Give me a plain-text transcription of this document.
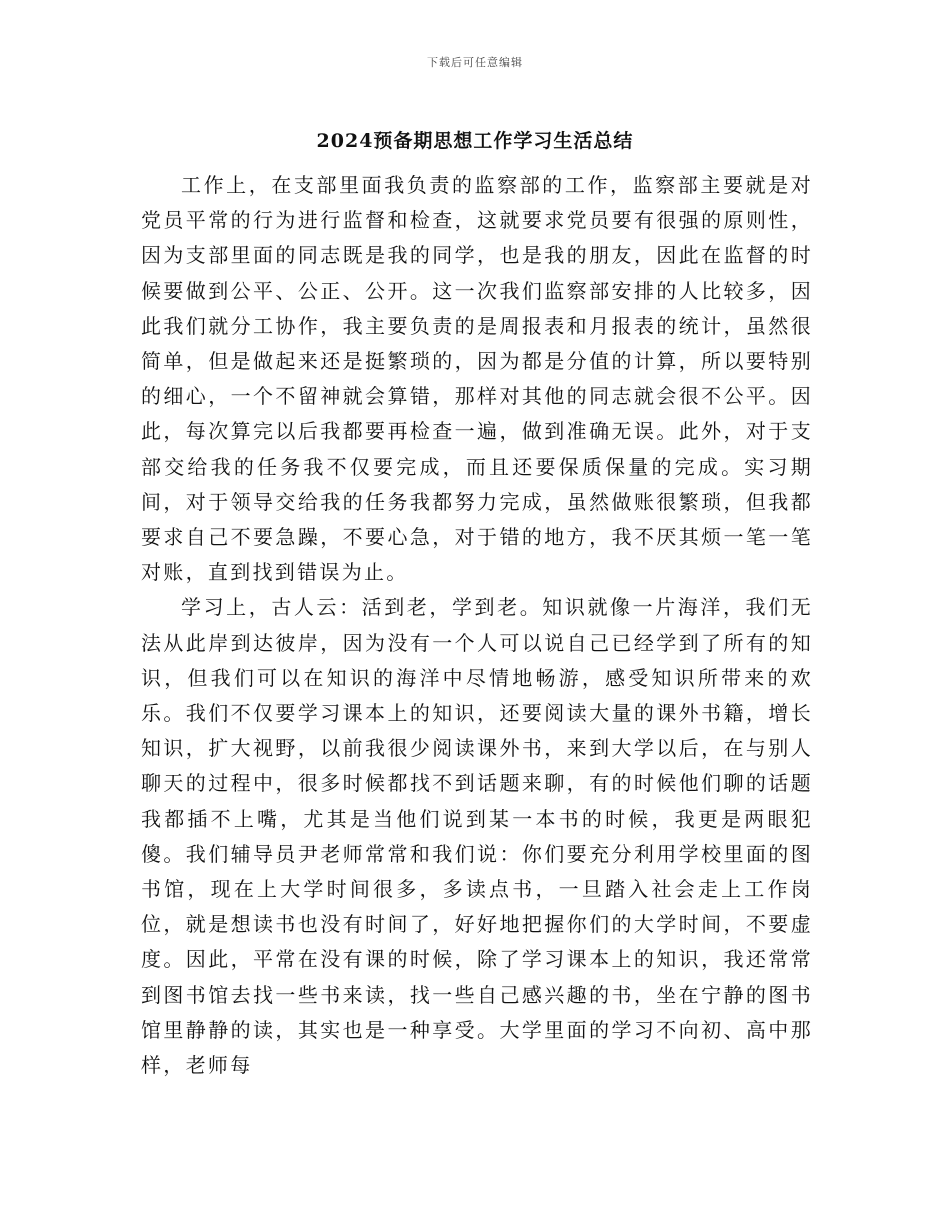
下载后可任意编辑
2024预备期思想工作学习生活总结

工作上，在支部里面我负责的监察部的工作，监察部主要就是对党员平常的行为进行监督和检查，这就要求党员要有很强的原则性，因为支部里面的同志既是我的同学，也是我的朋友，因此在监督的时候要做到公平、公正、公开。这一次我们监察部安排的人比较多，因此我们就分工协作，我主要负责的是周报表和月报表的统计，虽然很简单，但是做起来还是挺繁琐的，因为都是分值的计算，所以要特别的细心，一个不留神就会算错，那样对其他的同志就会很不公平。因此，每次算完以后我都要再检查一遍，做到准确无误。此外，对于支部交给我的任务我不仅要完成，而且还要保质保量的完成。实习期间，对于领导交给我的任务我都努力完成，虽然做账很繁琐，但我都要求自己不要急躁，不要心急，对于错的地方，我不厌其烦一笔一笔对账，直到找到错误为止。

学习上，古人云：活到老，学到老。知识就像一片海洋，我们无法从此岸到达彼岸，因为没有一个人可以说自己已经学到了所有的知识，但我们可以在知识的海洋中尽情地畅游，感受知识所带来的欢乐。我们不仅要学习课本上的知识，还要阅读大量的课外书籍，增长知识，扩大视野，以前我很少阅读课外书，来到大学以后，在与别人聊天的过程中，很多时候都找不到话题来聊，有的时候他们聊的话题我都插不上嘴，尤其是当他们说到某一本书的时候，我更是两眼犯傻。我们辅导员尹老师常常和我们说：你们要充分利用学校里面的图书馆，现在上大学时间很多，多读点书，一旦踏入社会走上工作岗位，就是想读书也没有时间了，好好地把握你们的大学时间，不要虚度。因此，平常在没有课的时候，除了学习课本上的知识，我还常常到图书馆去找一些书来读，找一些自己感兴趣的书，坐在宁静的图书馆里静静的读，其实也是一种享受。大学里面的学习不向初、高中那样，老师每
